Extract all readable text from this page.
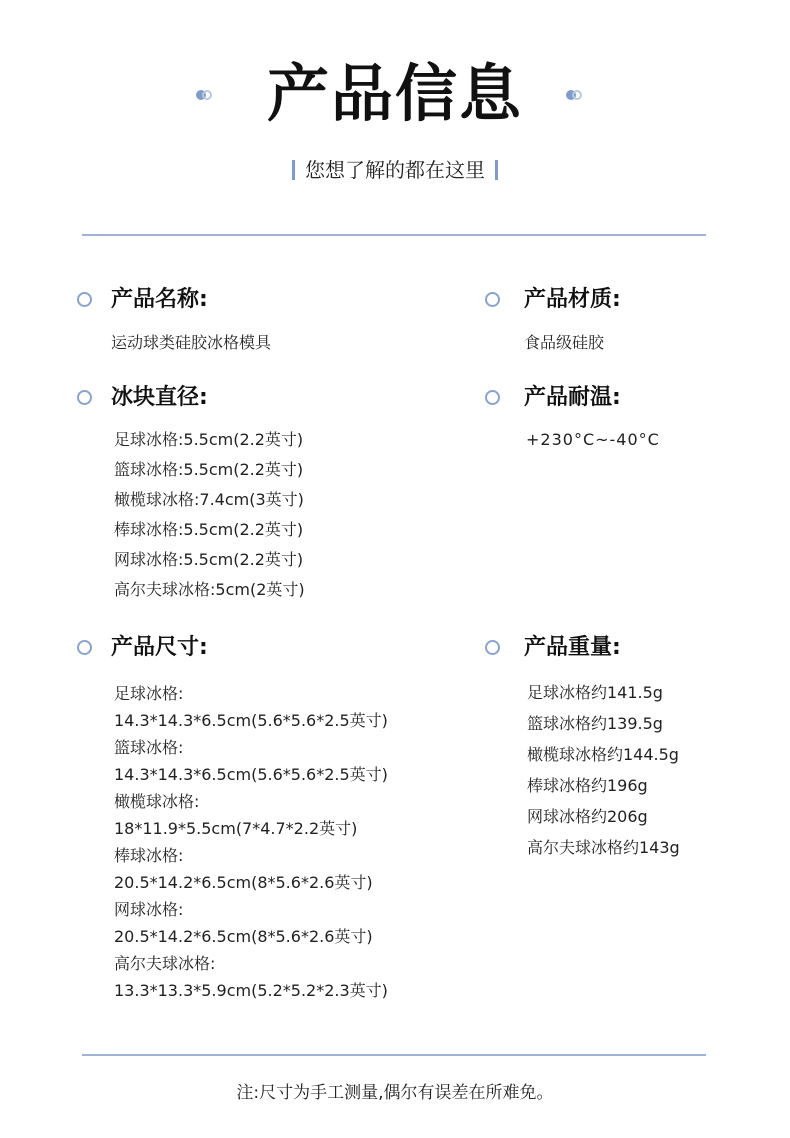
产品信息
您想了解的都在这里
产品名称:
运动球类硅胶冰格模具
产品材质:
食品级硅胶
冰块直径:
足球冰格:5.5cm(2.2英寸)
篮球冰格:5.5cm(2.2英寸)
橄榄球冰格:7.4cm(3英寸)
棒球冰格:5.5cm(2.2英寸)
网球冰格:5.5cm(2.2英寸)
高尔夫球冰格:5cm(2英寸)
产品耐温:
+230°C~-40°C
产品尺寸:
足球冰格:
14.3*14.3*6.5cm(5.6*5.6*2.5英寸)
篮球冰格:
14.3*14.3*6.5cm(5.6*5.6*2.5英寸)
橄榄球冰格:
18*11.9*5.5cm(7*4.7*2.2英寸)
棒球冰格:
20.5*14.2*6.5cm(8*5.6*2.6英寸)
网球冰格:
20.5*14.2*6.5cm(8*5.6*2.6英寸)
高尔夫球冰格:
13.3*13.3*5.9cm(5.2*5.2*2.3英寸)
产品重量:
足球冰格约141.5g
篮球冰格约139.5g
橄榄球冰格约144.5g
棒球冰格约196g
网球冰格约206g
高尔夫球冰格约143g
注:尺寸为手工测量,偶尔有误差在所难免。
